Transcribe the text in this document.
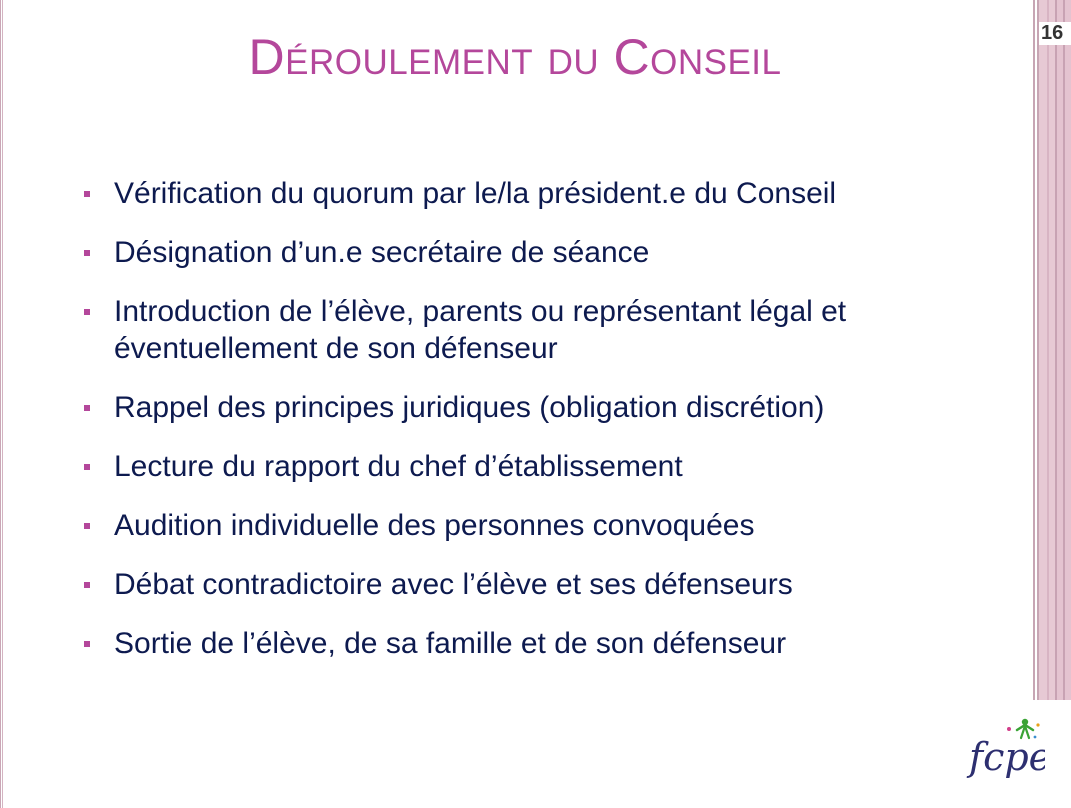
16
Déroulement du Conseil
Vérification du quorum par le/la président.e du Conseil
Désignation d’un.e secrétaire de séance
Introduction de l’élève, parents ou représentant légal et éventuellement de son défenseur
Rappel des principes juridiques (obligation discrétion)
Lecture du rapport du chef d’établissement
Audition individuelle des personnes convoquées
Débat contradictoire avec l’élève et ses défenseurs
Sortie de l’élève, de sa famille et de son défenseur
fcpe
